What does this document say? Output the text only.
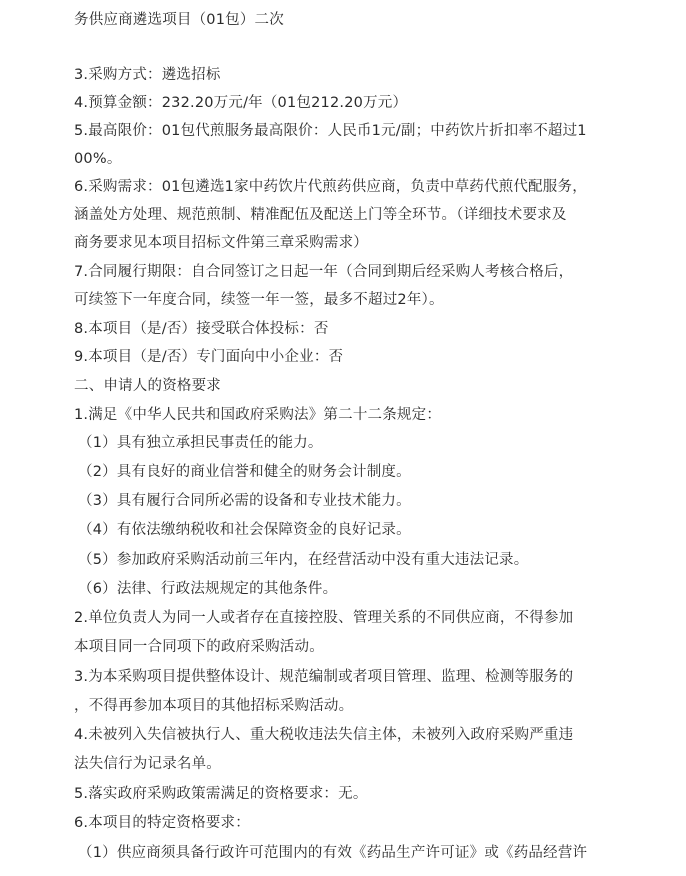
务供应商遴选项目（01包）二次
3.采购方式：遴选招标
4.预算金额：232.20万元/年（01包212.20万元）
5.最高限价：01包代煎服务最高限价：人民币1元/副；中药饮片折扣率不超过1
00%。
6.采购需求：01包遴选1家中药饮片代煎药供应商，负责中草药代煎代配服务，
涵盖处方处理、规范煎制、精准配伍及配送上门等全环节。（详细技术要求及
商务要求见本项目招标文件第三章采购需求）
7.合同履行期限：自合同签订之日起一年（合同到期后经采购人考核合格后，
可续签下一年度合同，续签一年一签，最多不超过2年）。
8.本项目（是/否）接受联合体投标：否
9.本项目（是/否）专门面向中小企业：否
二、申请人的资格要求
1.满足《中华人民共和国政府采购法》第二十二条规定：
（1）具有独立承担民事责任的能力。
（2）具有良好的商业信誉和健全的财务会计制度。
（3）具有履行合同所必需的设备和专业技术能力。
（4）有依法缴纳税收和社会保障资金的良好记录。
（5）参加政府采购活动前三年内，在经营活动中没有重大违法记录。
（6）法律、行政法规规定的其他条件。
2.单位负责人为同一人或者存在直接控股、管理关系的不同供应商，不得参加
本项目同一合同项下的政府采购活动。
3.为本采购项目提供整体设计、规范编制或者项目管理、监理、检测等服务的
，不得再参加本项目的其他招标采购活动。
4.未被列入失信被执行人、重大税收违法失信主体，未被列入政府采购严重违
法失信行为记录名单。
5.落实政府采购政策需满足的资格要求：无。
6.本项目的特定资格要求：
（1）供应商须具备行政许可范围内的有效《药品生产许可证》或《药品经营许
